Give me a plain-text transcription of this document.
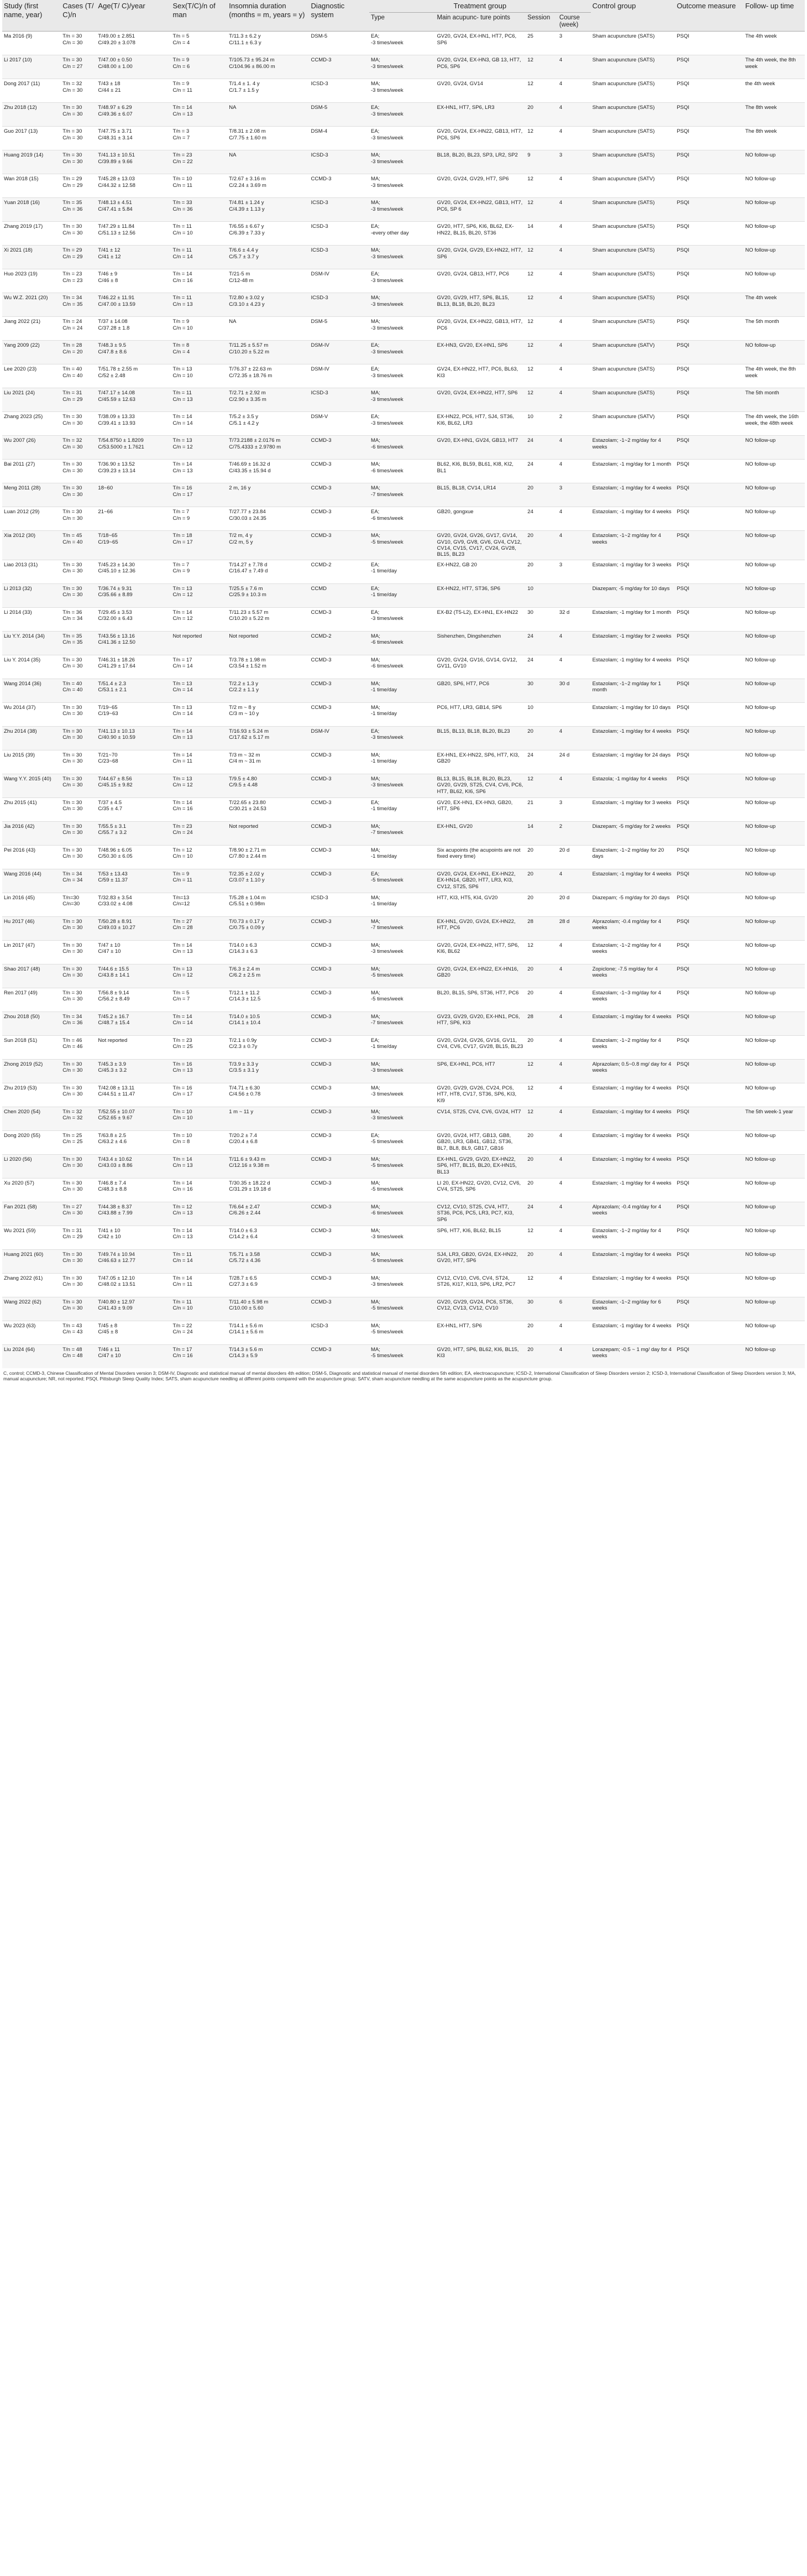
Study (first name, year)	Cases (T/ C)/n	Age(T/ C)/year	Sex(T/C)/n of man	Insomnia duration (months = m, years = y)	Diagnostic system	Treatment group				Control group	Outcome measure	Follow- up time
						Type	Main acupunc- ture points	Session	Course (week)			
Ma 2016 (9)	T/n = 30
C/n = 30	T/49.00 ± 2.851
C/49.20 ± 3.078	T/n = 5
C/n = 4	T/11.3 ± 6.2 y
C/11.1 ± 6.3 y	DSM-5	EA;
-3 times/week	GV20, GV24, EX-HN1, HT7, PC6, SP6	25	3	Sham acupuncture (SATS)	PSQI	The 4th week
Li 2017 (10)	T/n = 30
C/n = 27	T/47.00 ± 0.50
C/48.00 ± 1.00	T/n = 9
C/n = 6	T/105.73 ± 95.24 m
C/104.96 ± 86.00 m	CCMD-3	MA;
-3 times/week	GV20, GV24, EX-HN3, GB 13, HT7, PC6, SP6	12	4	Sham acupuncture (SATS)	PSQI	The 4th week, the 8th week
Dong 2017 (11)	T/n = 32
C/n = 30	T/43 ± 18
C/44 ± 21	T/n = 9
C/n = 11	T/1.4 ± 1. 4 y
C/1.7 ± 1.5 y	ICSD-3	MA;
-3 times/week	GV20, GV24, GV14	12	4	Sham acupuncture (SATS)	PSQI	the 4th week
Zhu 2018 (12)	T/n = 30
C/n = 30	T/48.97 ± 6.29
C/49.36 ± 6.07	T/n = 14
C/n = 13	NA	DSM-5	EA;
-3 times/week	EX-HN1, HT7, SP6, LR3	20	4	Sham acupuncture (SATS)	PSQI	The 8th week
Guo 2017 (13)	T/n = 30
C/n = 30	T/47.75 ± 3.71
C/48.31 ± 3.14	T/n = 3
C/n = 7	T/8.31 ± 2.08 m
C/7.75 ± 1.60 m	DSM-4	EA;
-3 times/week	GV20, GV24, EX-HN22, GB13, HT7, PC6, SP6	12	4	Sham acupuncture (SATS)	PSQI	The 8th week
Huang 2019 (14)	T/n = 30
C/n = 30	T/41.13 ± 10.51
C/39.89 ± 9.66	T/n = 23
C/n = 22	NA	ICSD-3	MA;
-3 times/week	BL18, BL20, BL23, SP3, LR2, SP2	9	3	Sham acupuncture (SATS)	PSQI	NO follow-up
Wan 2018 (15)	T/n = 29
C/n = 29	T/45.28 ± 13.03
C/44.32 ± 12.58	T/n = 10
C/n = 11	T/2.67 ± 3.16 m
C/2.24 ± 3.69 m	CCMD-3	MA;
-3 times/week	GV20, GV24, GV29, HT7, SP6	12	4	Sham acupuncture (SATV)	PSQI	NO follow-up
Yuan 2018 (16)	T/n = 35
C/n = 36	T/48.13 ± 4.51
C/47.41 ± 5.84	T/n = 33
C/n = 36	T/4.81 ± 1.24 y
C/4.39 ± 1.13 y	ICSD-3	MA;
-3 times/week	GV20, GV24, EX-HN22, GB13, HT7, PC6, SP 6	12	4	Sham acupuncture (SATS)	PSQI	NO follow-up
Zhang 2019 (17)	T/n = 30
C/n = 30	T/47.29 ± 11.84
C/51.13 ± 12.56	T/n = 11
C/n = 10	T/6.55 ± 6.67 y
C/6.39 ± 7.33 y	ICSD-3	EA;
-every other day	GV20, HT7, SP6, KI6, BL62, EX-HN22, BL15, BL20, ST36	14	4	Sham acupuncture (SATS)	PSQI	NO follow-up
Xi 2021 (18)	T/n = 29
C/n = 29	T/41 ± 12
C/41 ± 12	T/n = 11
C/n = 14	T/6.6 ± 4.4 y
C/5.7 ± 3.7 y	ICSD-3	MA;
-3 times/week	GV20, GV24, GV29, EX-HN22, HT7, SP6	12	4	Sham acupuncture (SATS)	PSQI	NO follow-up
Huo 2023 (19)	T/n = 23
C/n = 23	T/46 ± 9
C/46 ± 8	T/n = 14
C/n = 16	T/21-5 m
C/12-48 m	DSM-IV	EA;
-3 times/week	GV20, GV24, GB13, HT7, PC6	12	4	Sham acupuncture (SATS)	PSQI	NO follow-up
Wu W.Z. 2021 (20)	T/n = 34
C/n = 35	T/46.22 ± 11.91
C/47.00 ± 13.59	T/n = 11
C/n = 13	T/2.80 ± 3.02 y
C/3.10 ± 4.23 y	ICSD-3	MA;
-3 times/week	GV20, GV29, HT7, SP6, BL15, BL13, BL18, BL20, BL23	12	4	Sham acupuncture (SATS)	PSQI	The 4th week
Jiang 2022 (21)	T/n = 24
C/n = 24	T/37 ± 14.08
C/37.28 ± 1.8	T/n = 9
C/n = 10	NA	DSM-5	MA;
-3 times/week	GV20, GV24, EX-HN22, GB13, HT7, PC6	12	4	Sham acupuncture (SATS)	PSQI	The 5th month
Yang 2009 (22)	T/n = 28
C/n = 20	T/48.3 ± 9.5
C/47.8 ± 8.6	T/n = 8
C/n = 4	T/11.25 ± 5.57 m
C/10.20 ± 5.22 m	DSM-IV	EA;
-3 times/week	EX-HN3, GV20, EX-HN1, SP6	12	4	Sham acupuncture (SATV)	PSQI	NO follow-up
Lee 2020 (23)	T/n = 40
C/n = 40	T/51.78 ± 2.55 m
C/52 ± 2.48	T/n = 13
C/n = 10	T/76.37 ± 22.63 m
C/72.35 ± 18.76 m	DSM-IV	EA;
-3 times/week	GV24, EX-HN22, HT7, PC6, BL63, KI3	12	4	Sham acupuncture (SATS)	PSQI	The 4th week, the 8th week
Liu 2021 (24)	T/n = 31
C/n = 29	T/47.17 ± 14.08
C/45.59 ± 12.63	T/n = 11
C/n = 13	T/2.71 ± 2.92 m
C/2.90 ± 3.35 m	ICSD-3	MA;
-3 times/week	GV20, GV24, EX-HN22, HT7, SP6	12	4	Sham acupuncture (SATS)	PSQI	The 5th month
Zhang 2023 (25)	T/n = 30
C/n = 30	T/38.09 ± 13.33
C/39.41 ± 13.93	T/n = 14
C/n = 14	T/5.2 ± 3.5 y
C/5.1 ± 4.2 y	DSM-V	EA;
-3 times/week	EX-HN22, PC6, HT7, SJ4, ST36, KI6, BL62, LR3	10	2	Sham acupuncture (SATV)	PSQI	The 4th week, the 16th week, the 48th week
Wu 2007 (26)	T/n = 32
C/n = 30	T/54.8750 ± 1.8209
C/53.5000 ± 1.7621	T/n = 13
C/n = 12	T/73.2188 ± 2.0176 m
C/75.4333 ± 2.9780 m	CCMD-3	MA;
-6 times/week	GV20, EX-HN1, GV24, GB13, HT7	24	4	Estazolam; -1~2 mg/day for 4 weeks	PSQI	NO follow-up
Bai 2011 (27)	T/n = 30
C/n = 30	T/36.90 ± 13.52
C/39.23 ± 13.14	T/n = 14
C/n = 13	T/46.69 ± 16.32 d
C/43.35 ± 15.94 d	CCMD-3	MA;
-6 times/week	BL62, KI6, BL59, BL61, KI8, KI2, BL1	24	4	Estazolam; -1 mg/day for 1 month	PSQI	NO follow-up
Meng 2011 (28)	T/n = 30
C/n = 30	18~60	T/n = 16
C/n = 17	2 m, 16 y	CCMD-3	MA;
-7 times/week	BL15, BL18, CV14, LR14	20	3	Estazolam; -1 mg/day for 4 weeks	PSQI	NO follow-up
Luan 2012 (29)	T/n = 30
C/n = 30	21~66	T/n = 7
C/n = 9	T/27.77 ± 23.84
C/30.03 ± 24.35	CCMD-3	EA;
-6 times/week	GB20, gongxue	24	4	Estazolam; -1 mg/day for 4 weeks	PSQI	NO follow-up
Xia 2012 (30)	T/n = 45
C/n = 40	T/18~65
C/19~65	T/n = 18
C/n = 17	T/2 m, 4 y
C/2 m, 5 y	CCMD-3	MA;
-5 times/week	GV20, GV24, GV26, GV17, GV14, GV10, GV9, GV8, GV6, GV4, CV12, CV14, CV15, CV17, CV24, GV28, BL15, BL23	20	4	Estazolam; -1~2 mg/day for 4 weeks	PSQI	NO follow-up
Liao 2013 (31)	T/n = 30
C/n = 30	T/45.23 ± 14.30
C/45.10 ± 12.36	T/n = 7
C/n = 9	T/14.27 ± 7.78 d
C/16.47 ± 7.49 d	CCMD-2	EA;
-1 time/day	EX-HN22, GB 20	20	3	Estazolam; -1 mg/day for 3 weeks	PSQI	NO follow-up
Li 2013 (32)	T/n = 30
C/n = 30	T/36.74 ± 9.31
C/35.66 ± 8.89	T/n = 13
C/n = 12	T/25.5 ± 7.6 m
C/25.9 ± 10.3 m	CCMD	EA;
-1 time/day	EX-HN22, HT7, ST36, SP6	10		Diazepam; -5 mg/day for 10 days	PSQI	NO follow-up
Li 2014 (33)	T/n = 36
C/n = 34	T/29.45 ± 3.53
C/32.00 ± 6.43	T/n = 14
C/n = 12	T/11.23 ± 5.57 m
C/10.20 ± 5.22 m	CCMD-3	EA;
-3 times/week	EX-B2 (T5-L2), EX-HN1, EX-HN22	30	32 d	Estazolam; -1 mg/day for 1 month	PSQI	NO follow-up
Liu Y.Y. 2014 (34)	T/n = 35
C/n = 35	T/43.56 ± 13.16
C/41.36 ± 12.50	Not reported	Not reported	CCMD-2	MA;
-6 times/week	Sishenzhen, Dingshenzhen	24	4	Estazolam; -1 mg/day for 2 weeks	PSQI	NO follow-up
Liu Y. 2014 (35)	T/n = 30
C/n = 30	T/46.31 ± 18.26
C/41.29 ± 17.64	T/n = 17
C/n = 14	T/3.78 ± 1.98 m
C/3.54 ± 1.52 m	CCMD-3	MA;
-6 times/week	GV20, GV24, GV16, GV14, GV12, GV11, GV10	24	4	Estazolam; -1 mg/day for 4 weeks	PSQI	NO follow-up
Wang 2014 (36)	T/n = 40
C/n = 40	T/51.4 ± 2.3
C/53.1 ± 2.1	T/n = 13
C/n = 14	T/2.2 ± 1.3 y
C/2.2 ± 1.1 y	CCMD-3	MA;
-1 time/day	GB20, SP6, HT7, PC6	30	30 d	Estazolam; -1~2 mg/day for 1 month	PSQI	NO follow-up
Wu 2014 (37)	T/n = 30
C/n = 30	T/19~65
C/19~63	T/n = 13
C/n = 14	T/2 m ~ 8 y
C/3 m ~ 10 y	CCMD-3	MA;
-1 time/day	PC6, HT7, LR3, GB14, SP6	10		Estazolam; -1 mg/day for 10 days	PSQI	NO follow-up
Zhu 2014 (38)	T/n = 30
C/n = 30	T/41.13 ± 10.13
C/40.90 ± 10.59	T/n = 14
C/n = 13	T/16.93 ± 5.24 m
C/17.62 ± 5.17 m	DSM-IV	EA;
-3 times/week	BL15, BL13, BL18, BL20, BL23	20	4	Estazolam; -1 mg/day for 4 weeks	PSQI	NO follow-up
Liu 2015 (39)	T/n = 30
C/n = 30	T/21~70
C/23~68	T/n = 14
C/n = 11	T/3 m ~ 32 m
C/4 m ~ 31 m	CCMD-3	MA;
-1 time/day	EX-HN1, EX-HN22, SP6, HT7, KI3, GB20	24	24 d	Estazolam; -1 mg/day for 24 days	PSQI	NO follow-up
Wang Y.Y. 2015 (40)	T/n = 30
C/n = 30	T/44.67 ± 8.56
C/45.15 ± 9.82	T/n = 13
C/n = 12	T/9.5 ± 4.80
C/9.5 ± 4.48	CCMD-3	MA;
-3 times/week	BL13, BL15, BL18, BL20, BL23, GV20, GV29, ST25, CV4, CV6, PC6, HT7, BL62, KI6, SP6	12	4	Estazola; -1 mg/day for 4 weeks	PSQI	NO follow-up
Zhu 2015 (41)	T/n = 30
C/n = 30	T/37 ± 4.5
C/35 ± 4.7	T/n = 14
C/n = 16	T/22.65 ± 23.80
C/30.21 ± 24.53	CCMD-3	EA;
-1 time/day	GV20, EX-HN1, EX-HN3, GB20, HT7, SP6	21	3	Estazolam; -1 mg/day for 3 weeks	PSQI	NO follow-up
Jia 2016 (42)	T/n = 30
C/n = 30	T/55.5 ± 3.1
C/55.7 ± 3.2	T/n = 23
C/n = 24	Not reported	CCMD-3	MA;
-7 times/week	EX-HN1, GV20	14	2	Diazepam; -5 mg/day for 2 weeks	PSQI	NO follow-up
Pei 2016 (43)	T/n = 30
C/n = 30	T/48.96 ± 6.05
C/50.30 ± 6.05	T/n = 12
C/n = 10	T/8.90 ± 2.71 m
C/7.80 ± 2.44 m	CCMD-3	MA;
-1 time/day	Six acupoints (the acupoints are not fixed every time)	20	20 d	Estazolam; -1~2 mg/day for 20 days	PSQI	NO follow-up
Wang 2016 (44)	T/n = 34
C/n = 34	T/53 ± 13.43
C/59 ± 11.37	T/n = 9
C/n = 11	T/2.35 ± 2.02 y
C/3.07 ± 1.10 y	CCMD-3	EA;
-5 times/week	GV20, GV24, EX-HN1, EX-HN22, EX-HN14, GB20, HT7, LR3, KI3, CV12, ST25, SP6	20	4	Estazolam; -1 mg/day for 4 weeks	PSQI	NO follow-up
Lin 2016 (45)	T/n=30
C/n=30	T/32.83 ± 3.54
C/33.02 ± 4.08	T/n=13
C/n=12	T/5.28 ± 1.04 m
C/5.51 ± 0.98m	ICSD-3	MA;
-1 time/day	HT7, KI3, HT5, KI4, GV20	20	20 d	Diazepam; -5 mg/day for 20 days	PSQI	NO follow-up
Hu 2017 (46)	T/n = 30
C/n = 30	T/50.28 ± 8.91
C/49.03 ± 10.27	T/n = 27
C/n = 28	T/0.73 ± 0.17 y
C/0.75 ± 0.09 y	CCMD-3	MA;
-7 times/week	EX-HN1, GV20, GV24, EX-HN22, HT7, PC6	28	28 d	Alprazolam; -0.4 mg/day for 4 weeks	PSQI	NO follow-up
Lin 2017 (47)	T/n = 30
C/n = 30	T/47 ± 10
C/47 ± 10	T/n = 14
C/n = 13	T/14.0 ± 6.3
C/14.3 ± 6.3	CCMD-3	MA;
-3 times/week	GV20, GV24, EX-HN22, HT7, SP6, KI6, BL62	12	4	Estazolam; -1~2 mg/day for 4 weeks	PSQI	NO follow-up
Shao 2017 (48)	T/n = 30
C/n = 30	T/44.6 ± 15.5
C/43.8 ± 14.1	T/n = 13
C/n = 12	T/6.3 ± 2.4 m
C/6.2 ± 2.5 m	CCMD-3	MA;
-5 times/week	GV20, GV24, EX-HN22, EX-HN16, GB20	20	4	Zopiclone; -7.5 mg/day for 4 weeks	PSQI	NO follow-up
Ren 2017 (49)	T/n = 30
C/n = 30	T/56.8 ± 9.14
C/56.2 ± 8.49	T/n = 5
C/n = 7	T/12.1 ± 11.2
C/14.3 ± 12.5	CCMD-3	MA;
-5 times/week	BL20, BL15, SP6, ST36, HT7, PC6	20	4	Estazolam; -1~3 mg/day for 4 weeks	PSQI	NO follow-up
Zhou 2018 (50)	T/n = 34
C/n = 36	T/45.2 ± 16.7
C/48.7 ± 15.4	T/n = 14
C/n = 14	T/14.0 ± 10.5
C/14.1 ± 10.4	CCMD-3	MA;
-7 times/week	GV23, GV29, GV20, EX-HN1, PC6, HT7, SP6, KI3	28	4	Estazolam; -1 mg/day for 4 weeks	PSQI	NO follow-up
Sun 2018 (51)	T/n = 46
C/n = 46	Not reported	T/n = 23
C/n = 25	T/2.1 ± 0.9y
C/2.3 ± 0.7y	CCMD-3	EA;
-1 time/day	GV20, GV24, GV26, GV16, GV11, CV4, CV6, CV17, GV28, BL15, BL23	20	4	Estazolam; -1~2 mg/day for 4 weeks	PSQI	NO follow-up
Zhong 2019 (52)	T/n = 30
C/n = 30	T/45.3 ± 3.9
C/45.3 ± 3.2	T/n = 16
C/n = 13	T/3.9 ± 3.3 y
C/3.5 ± 3.1 y	CCMD-3	MA;
-3 times/week	SP6, EX-HN1, PC6, HT7	12	4	Alprazolam; 0.5~0.8 mg/ day for 4 weeks	PSQI	NO follow-up
Zhu 2019 (53)	T/n = 30
C/n = 30	T/42.08 ± 13.11
C/44.51 ± 11.47	T/n = 16
C/n = 17	T/4.71 ± 6.30
C/4.56 ± 0.78	CCMD-3	MA;
-3 times/week	GV20, GV29, GV26, CV24, PC6, HT7, HT8, CV17, ST36, SP6, KI3, KI9	12	4	Estazolam; -1 mg/day for 4 weeks	PSQI	NO follow-up
Chen 2020 (54)	T/n = 32
C/n = 32	T/52.55 ± 10.07
C/52.65 ± 9.67	T/n = 10
C/n = 10	1 m ~ 11 y	CCMD-3	MA;
-3 times/week	CV14, ST25, CV4, CV6, GV24, HT7	12	4	Estazolam; -1 mg/day for 4 weeks	PSQI	The 5th week-1 year
Dong 2020 (55)	T/n = 25
C/n = 25	T/63.8 ± 2.5
C/63.2 ± 4.6	T/n = 10
C/n = 8	T/20.2 ± 7.4
C/20.4 ± 6.8	CCMD-3	EA;
-5 times/week	GV20, GV24, HT7, GB13, GB8, GB20, LR3, GB41, GB12, ST36, BL7, BL8, BL9, GB17, GB16	20	4	Estazolam; -1 mg/day for 4 weeks	PSQI	NO follow-up
Li 2020 (56)	T/n = 30
C/n = 30	T/43.4 ± 10.62
C/43.03 ± 8.86	T/n = 14
C/n = 13	T/11.6 ± 9.43 m
C/12.16 ± 9.38 m	CCMD-3	MA;
-5 times/week	EX-HN1, GV29, GV20, EX-HN22, SP6, HT7, BL15, BL20, EX-HN15, BL13	20	4	Estazolam; -1 mg/day for 4 weeks	PSQI	NO follow-up
Xu 2020 (57)	T/n = 30
C/n = 30	T/46.8 ± 7.4
C/48.3 ± 8.8	T/n = 14
C/n = 16	T/30.35 ± 18.22 d
C/31.29 ± 19.18 d	CCMD-3	MA;
-5 times/week	LI 20, EX-HN22, GV20, CV12, CV6, CV4, ST25, SP6	20	4	Estazolam; -1 mg/day for 4 weeks	PSQI	NO follow-up
Fan 2021 (58)	T/n = 27
C/n = 30	T/44.38 ± 8.37
C/43.88 ± 7.99	T/n = 12
C/n = 13	T/6.64 ± 2.47
C/6.26 ± 2.44	CCMD-3	MA;
-6 times/week	CV12, CV10, ST25, CV4, HT7, ST36, PC6, PC5, LR3, PC7, KI3, SP6	24	4	Alprazolam; -0.4 mg/day for 4 weeks	PSQI	NO follow-up
Wu 2021 (59)	T/n = 31
C/n = 29	T/41 ± 10
C/42 ± 10	T/n = 14
C/n = 13	T/14.0 ± 6.3
C/14.2 ± 6.4	CCMD-3	MA;
-3 times/week	SP6, HT7, KI6, BL62, BL15	12	4	Estazolam; -1~2 mg/day for 4 weeks	PSQI	NO follow-up
Huang 2021 (60)	T/n = 30
C/n = 30	T/49.74 ± 10.94
C/46.63 ± 12.77	T/n = 11
C/n = 14	T/5.71 ± 3.58
C/5.72 ± 4.36	CCMD-3	MA;
-5 times/week	SJ4, LR3, GB20, GV24, EX-HN22, GV20, HT7, SP6	20	4	Estazolam; -1 mg/day for 4 weeks	PSQI	NO follow-up
Zhang 2022 (61)	T/n = 30
C/n = 30	T/47.05 ± 12.10
C/48.02 ± 13.51	T/n = 14
C/n = 11	T/28.7 ± 6.5
C/27.3 ± 6.9	CCMD-3	MA;
-3 times/week	CV12, CV10, CV6, CV4, ST24, ST26, KI17, KI13, SP6, LR2, PC7	12	4	Estazolam; -1 mg/day for 4 weeks	PSQI	NO follow-up
Wang 2022 (62)	T/n = 30
C/n = 30	T/40.80 ± 12.97
C/41.43 ± 9.09	T/n = 11
C/n = 10	T/11.40 ± 5.98 m
C/10.00 ± 5.60	CCMD-3	MA;
-5 times/week	GV20, GV29, GV24, PC6, ST36, CV12, CV13, CV12, CV10	30	6	Estazolam; -1~2 mg/day for 6 weeks	PSQI	NO follow-up
Wu 2023 (63)	T/n = 43
C/n = 43	T/45 ± 8
C/45 ± 8	T/n = 22
C/n = 24	T/14.1 ± 5.6 m
C/14.1 ± 5.6 m	ICSD-3	MA;
-5 times/week	EX-HN1, HT7, SP6	20	4	Estazolam; -1 mg/day for 4 weeks	PSQI	NO follow-up
Liu 2024 (64)	T/n = 48
C/n = 48	T/46 ± 11
C/47 ± 10	T/n = 17
C/n = 16	T/14.3 ± 5.6 m
C/14.3 ± 5.9	CCMD-3	MA;
-5 times/week	GV20, HT7, SP6, BL62, KI6, BL15, KI3	20	4	Lorazepam; -0.5 ~ 1 mg/ day for 4 weeks	PSQI	NO follow-up
C, control; CCMD-3, Chinese Classification of Mental Disorders version 3; DSM-IV, Diagnostic and statistical manual of mental disorders 4th edition; DSM-5, Diagnostic and statistical manual of mental disorders 5th edition; EA, electroacupuncture; ICSD-2, International Classification of Sleep Disorders version 2; ICSD-3, International Classification of Sleep Disorders version 3; MA, manual acupuncture; NR, not reported; PSQI, Pittsburgh Sleep Quality Index; SATS, sham acupuncture needling at different points compared with the acupuncture group; SATV, sham acupuncture needling at the same acupuncture points as the acupuncture group.
